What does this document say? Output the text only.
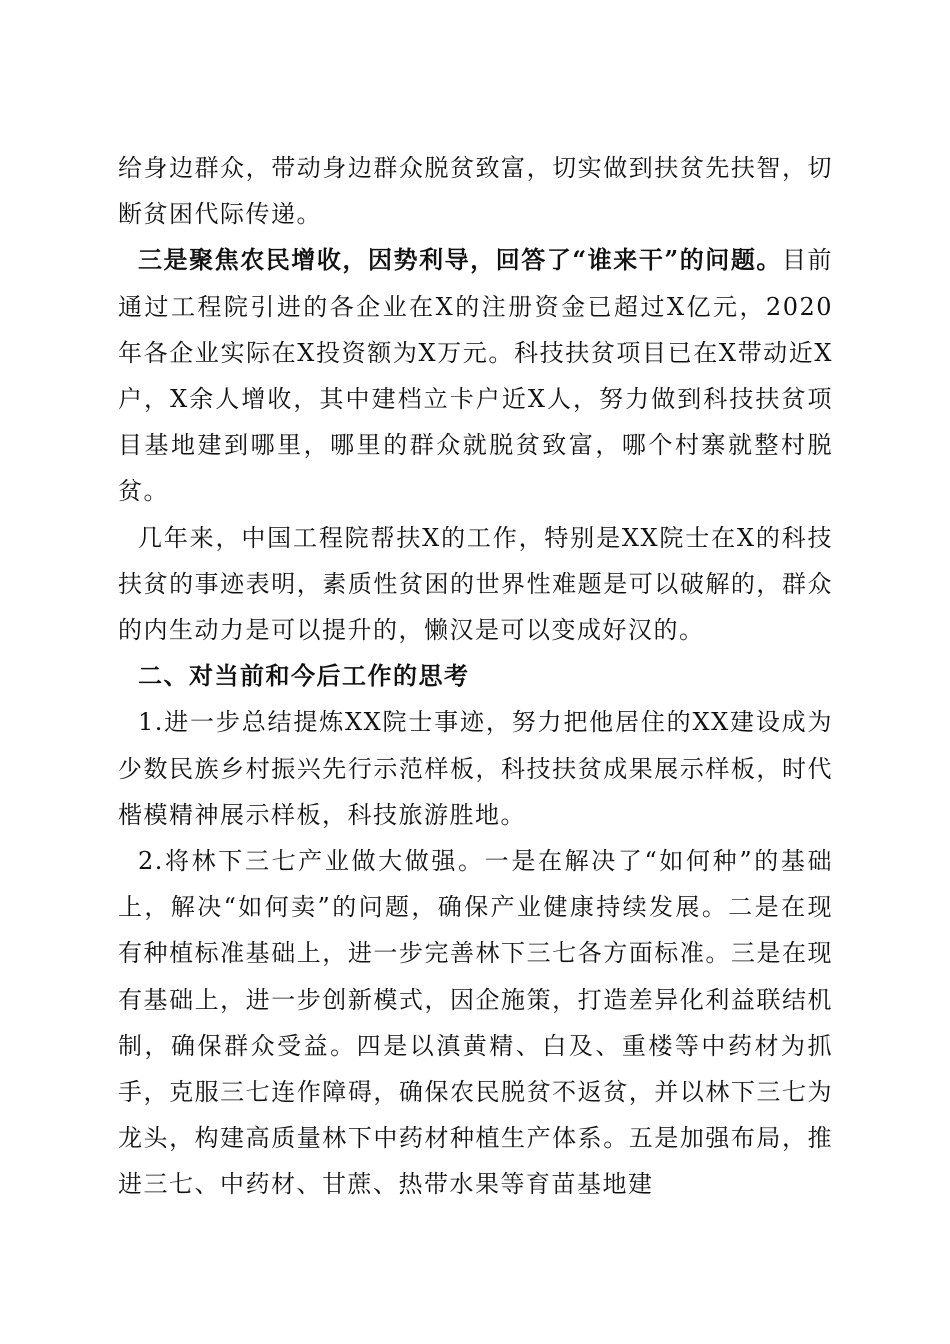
给身边群众，带动身边群众脱贫致富，切实做到扶贫先扶智，切断贫困代际传递。

三是聚焦农民增收，因势利导，回答了“谁来干”的问题。目前通过工程院引进的各企业在X的注册资金已超过X亿元，2020年各企业实际在X投资额为X万元。科技扶贫项目已在X带动近X户，X余人增收，其中建档立卡户近X人，努力做到科技扶贫项目基地建到哪里，哪里的群众就脱贫致富，哪个村寨就整村脱贫。

几年来，中国工程院帮扶X的工作，特别是XX院士在X的科技扶贫的事迹表明，素质性贫困的世界性难题是可以破解的，群众的内生动力是可以提升的，懒汉是可以变成好汉的。

二、对当前和今后工作的思考

1.进一步总结提炼XX院士事迹，努力把他居住的XX建设成为少数民族乡村振兴先行示范样板，科技扶贫成果展示样板，时代楷模精神展示样板，科技旅游胜地。

2.将林下三七产业做大做强。一是在解决了“如何种”的基础上，解决“如何卖”的问题，确保产业健康持续发展。二是在现有种植标准基础上，进一步完善林下三七各方面标准。三是在现有基础上，进一步创新模式，因企施策，打造差异化利益联结机制，确保群众受益。四是以滇黄精、白及、重楼等中药材为抓手，克服三七连作障碍，确保农民脱贫不返贫，并以林下三七为龙头，构建高质量林下中药材种植生产体系。五是加强布局，推进三七、中药材、甘蔗、热带水果等育苗基地建
